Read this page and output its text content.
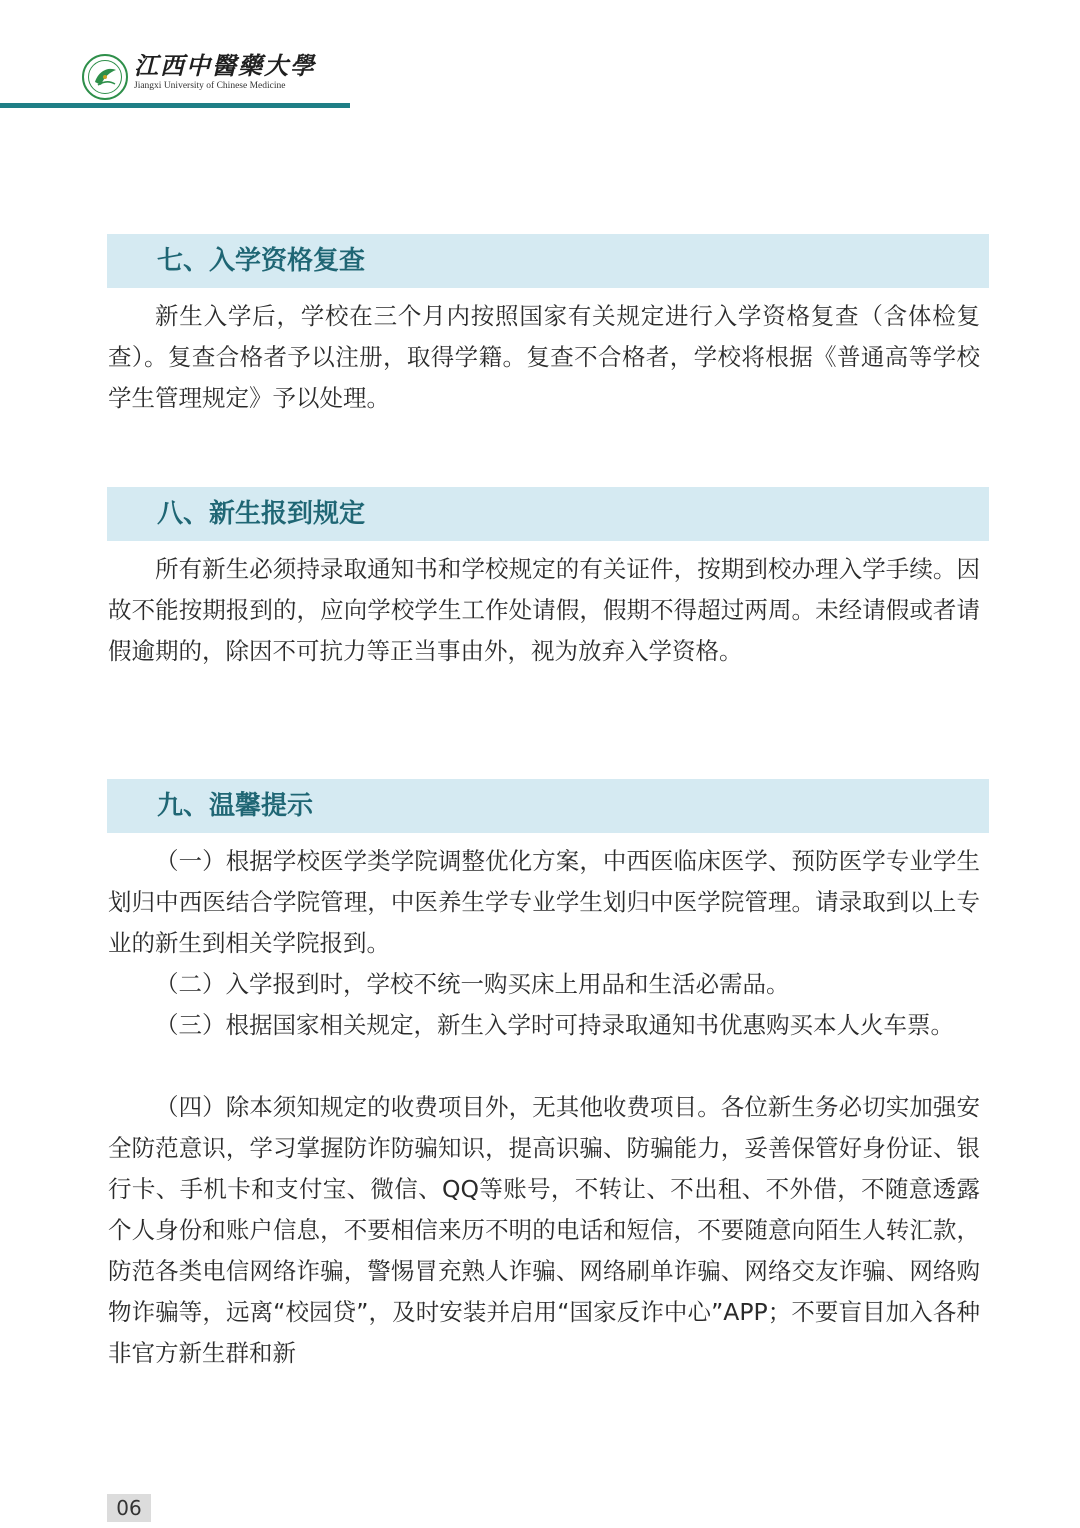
江西中醫藥大學
Jiangxi University of Chinese Medicine
七、入学资格复查

新生入学后，学校在三个月内按照国家有关规定进行入学资格复查（含体检复查）。复查合格者予以注册，取得学籍。复查不合格者，学校将根据《普通高等学校学生管理规定》予以处理。

八、新生报到规定

所有新生必须持录取通知书和学校规定的有关证件，按期到校办理入学手续。因故不能按期报到的，应向学校学生工作处请假，假期不得超过两周。未经请假或者请假逾期的，除因不可抗力等正当事由外，视为放弃入学资格。

九、温馨提示

（一）根据学校医学类学院调整优化方案，中西医临床医学、预防医学专业学生划归中西医结合学院管理，中医养生学专业学生划归中医学院管理。请录取到以上专业的新生到相关学院报到。

（二）入学报到时，学校不统一购买床上用品和生活必需品。

（三）根据国家相关规定，新生入学时可持录取通知书优惠购买本人火车票。

（四）除本须知规定的收费项目外，无其他收费项目。各位新生务必切实加强安全防范意识，学习掌握防诈防骗知识，提高识骗、防骗能力，妥善保管好身份证、银行卡、手机卡和支付宝、微信、QQ等账号，不转让、不出租、不外借，不随意透露个人身份和账户信息，不要相信来历不明的电话和短信，不要随意向陌生人转汇款，防范各类电信网络诈骗，警惕冒充熟人诈骗、网络刷单诈骗、网络交友诈骗、网络购物诈骗等，远离“校园贷”，及时安装并启用“国家反诈中心”APP；不要盲目加入各种非官方新生群和新

06
